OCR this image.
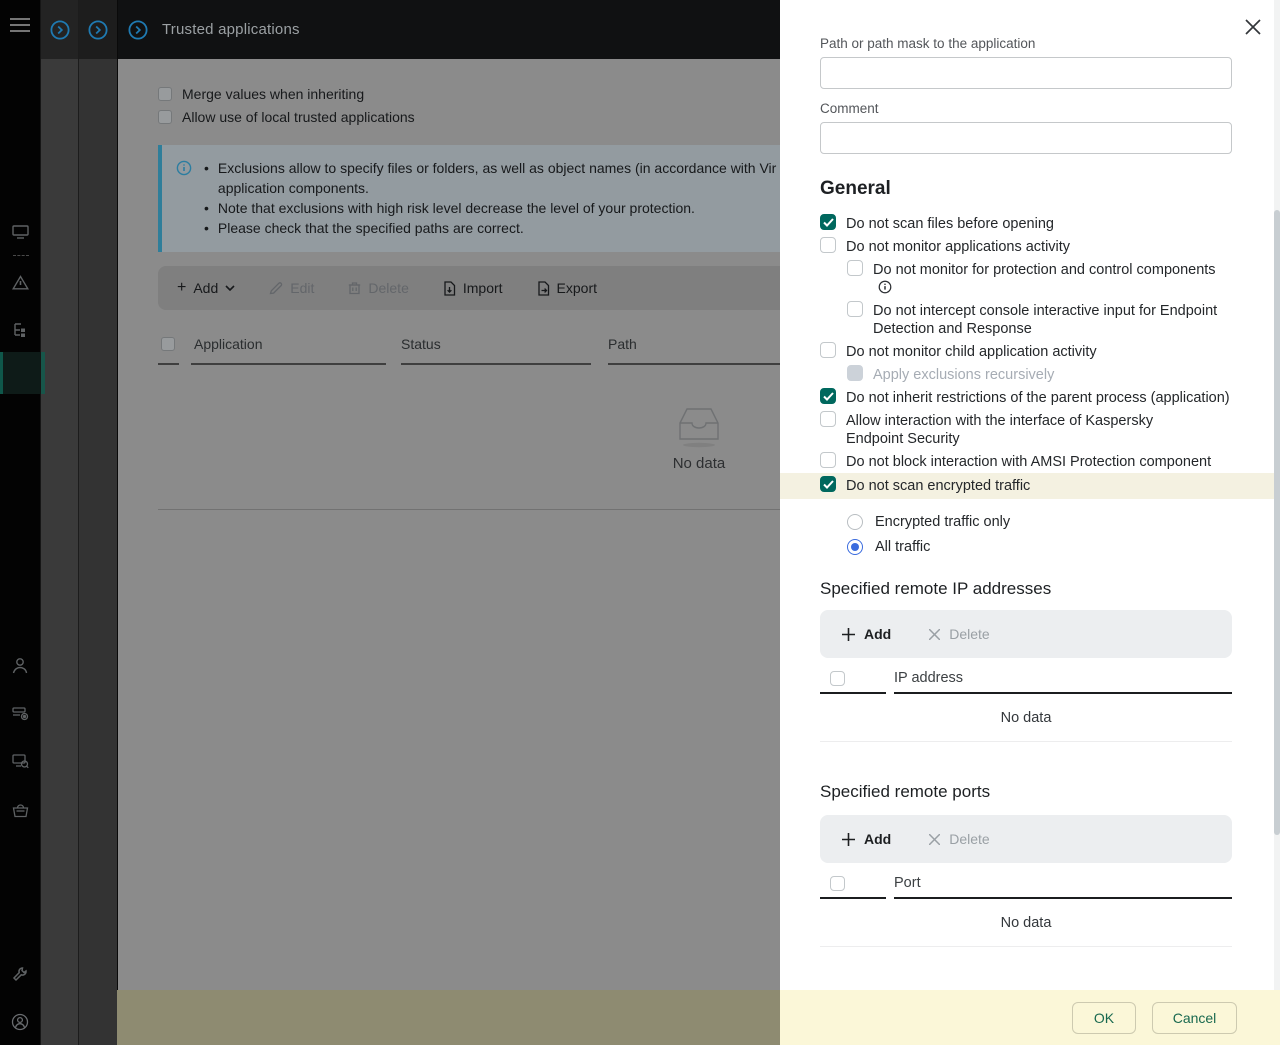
Trusted applications
Merge values when inheriting
Allow use of local trusted applications
• Exclusions allow to specify files or folders, as well as object names (in accordance with Vir
application components.
• Note that exclusions with high risk level decrease the level of your protection.
• Please check that the specified paths are correct.
+ Add	Edit	Delete	Import	Export
Application	Status	Path
No data
Path or path mask to the application
Comment
General
Do not scan files before opening
Do not monitor applications activity
Do not monitor for protection and control components
Do not intercept console interactive input for Endpoint Detection and Response
Do not monitor child application activity
Apply exclusions recursively
Do not inherit restrictions of the parent process (application)
Allow interaction with the interface of Kaspersky Endpoint Security
Do not block interaction with AMSI Protection component
Do not scan encrypted traffic
Encrypted traffic only
All traffic
Specified remote IP addresses
Add	Delete
IP address
No data
Specified remote ports
Add	Delete
Port
No data
OK	Cancel
